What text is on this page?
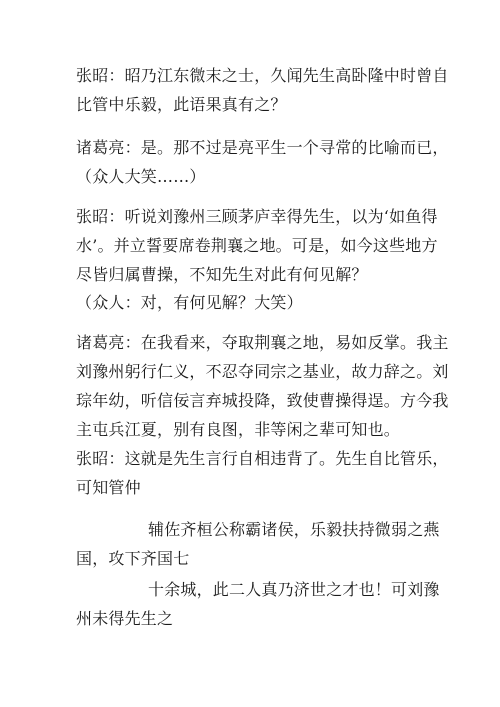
张昭：昭乃江东微末之士，久闻先生高卧隆中时曾自
比管中乐毅，此语果真有之？

诸葛亮：是。那不过是亮平生一个寻常的比喻而已，

（众人大笑……）

张昭：听说刘豫州三顾茅庐幸得先生，以为‘如鱼得
水’。并立誓要席卷荆襄之地。可是，如今这些地方
尽皆归属曹操，不知先生对此有何见解？

（众人：对，有何见解？大笑）

诸葛亮：在我看来，夺取荆襄之地，易如反掌。我主
刘豫州躬行仁义，不忍夺同宗之基业，故力辞之。刘
琮年幼，听信佞言弃城投降，致使曹操得逞。方今我
主屯兵江夏，别有良图，非等闲之辈可知也。

张昭：这就是先生言行自相违背了。先生自比管乐，
可知管仲

辅佐齐桓公称霸诸侯，乐毅扶持微弱之燕
国，攻下齐国七

十余城，此二人真乃济世之才也！可刘豫
州未得先生之
